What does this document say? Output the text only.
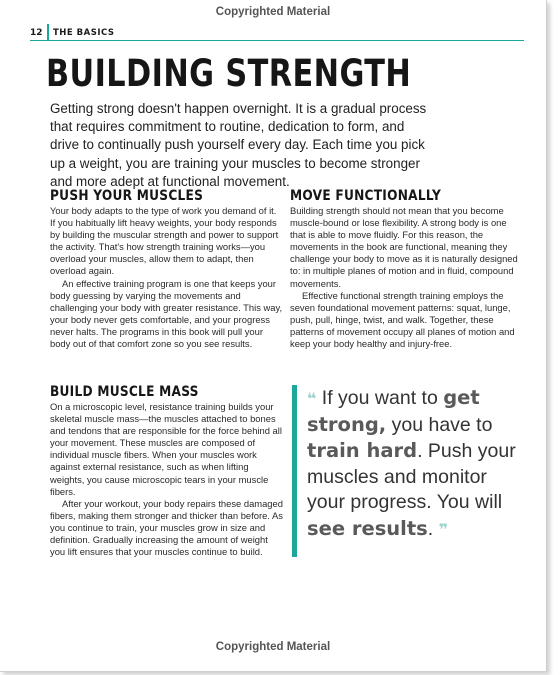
Copyrighted Material
12 THE BASICS
BUILDING STRENGTH

Getting strong doesn't happen overnight. It is a gradual process that requires commitment to routine, dedication to form, and drive to continually push yourself every day. Each time you pick up a weight, you are training your muscles to become stronger and more adept at functional movement.

PUSH YOUR MUSCLES

Your body adapts to the type of work you demand of it. If you habitually lift heavy weights, your body responds by building the muscular strength and power to support the activity. That's how strength training works—you overload your muscles, allow them to adapt, then overload again.

An effective training program is one that keeps your body guessing by varying the movements and challenging your body with greater resistance. This way, your body never gets comfortable, and your progress never halts. The programs in this book will pull your body out of that comfort zone so you see results.

MOVE FUNCTIONALLY

Building strength should not mean that you become muscle-bound or lose flexibility. A strong body is one that is able to move fluidly. For this reason, the movements in the book are functional, meaning they challenge your body to move as it is naturally designed to: in multiple planes of motion and in fluid, compound movements.

Effective functional strength training employs the seven foundational movement patterns: squat, lunge, push, pull, hinge, twist, and walk. Together, these patterns of movement occupy all planes of motion and keep your body healthy and injury-free.

BUILD MUSCLE MASS

On a microscopic level, resistance training builds your skeletal muscle mass—the muscles attached to bones and tendons that are responsible for the force behind all your movement. These muscles are composed of individual muscle fibers. When your muscles work against external resistance, such as when lifting weights, you cause microscopic tears in your muscle fibers.

After your workout, your body repairs these damaged fibers, making them stronger and thicker than before. As you continue to train, your muscles grow in size and definition. Gradually increasing the amount of weight you lift ensures that your muscles continue to build.

❝ If you want to get
strong, you have to
train hard. Push your
muscles and monitor
your progress. You will
see results. ❞
Copyrighted Material
